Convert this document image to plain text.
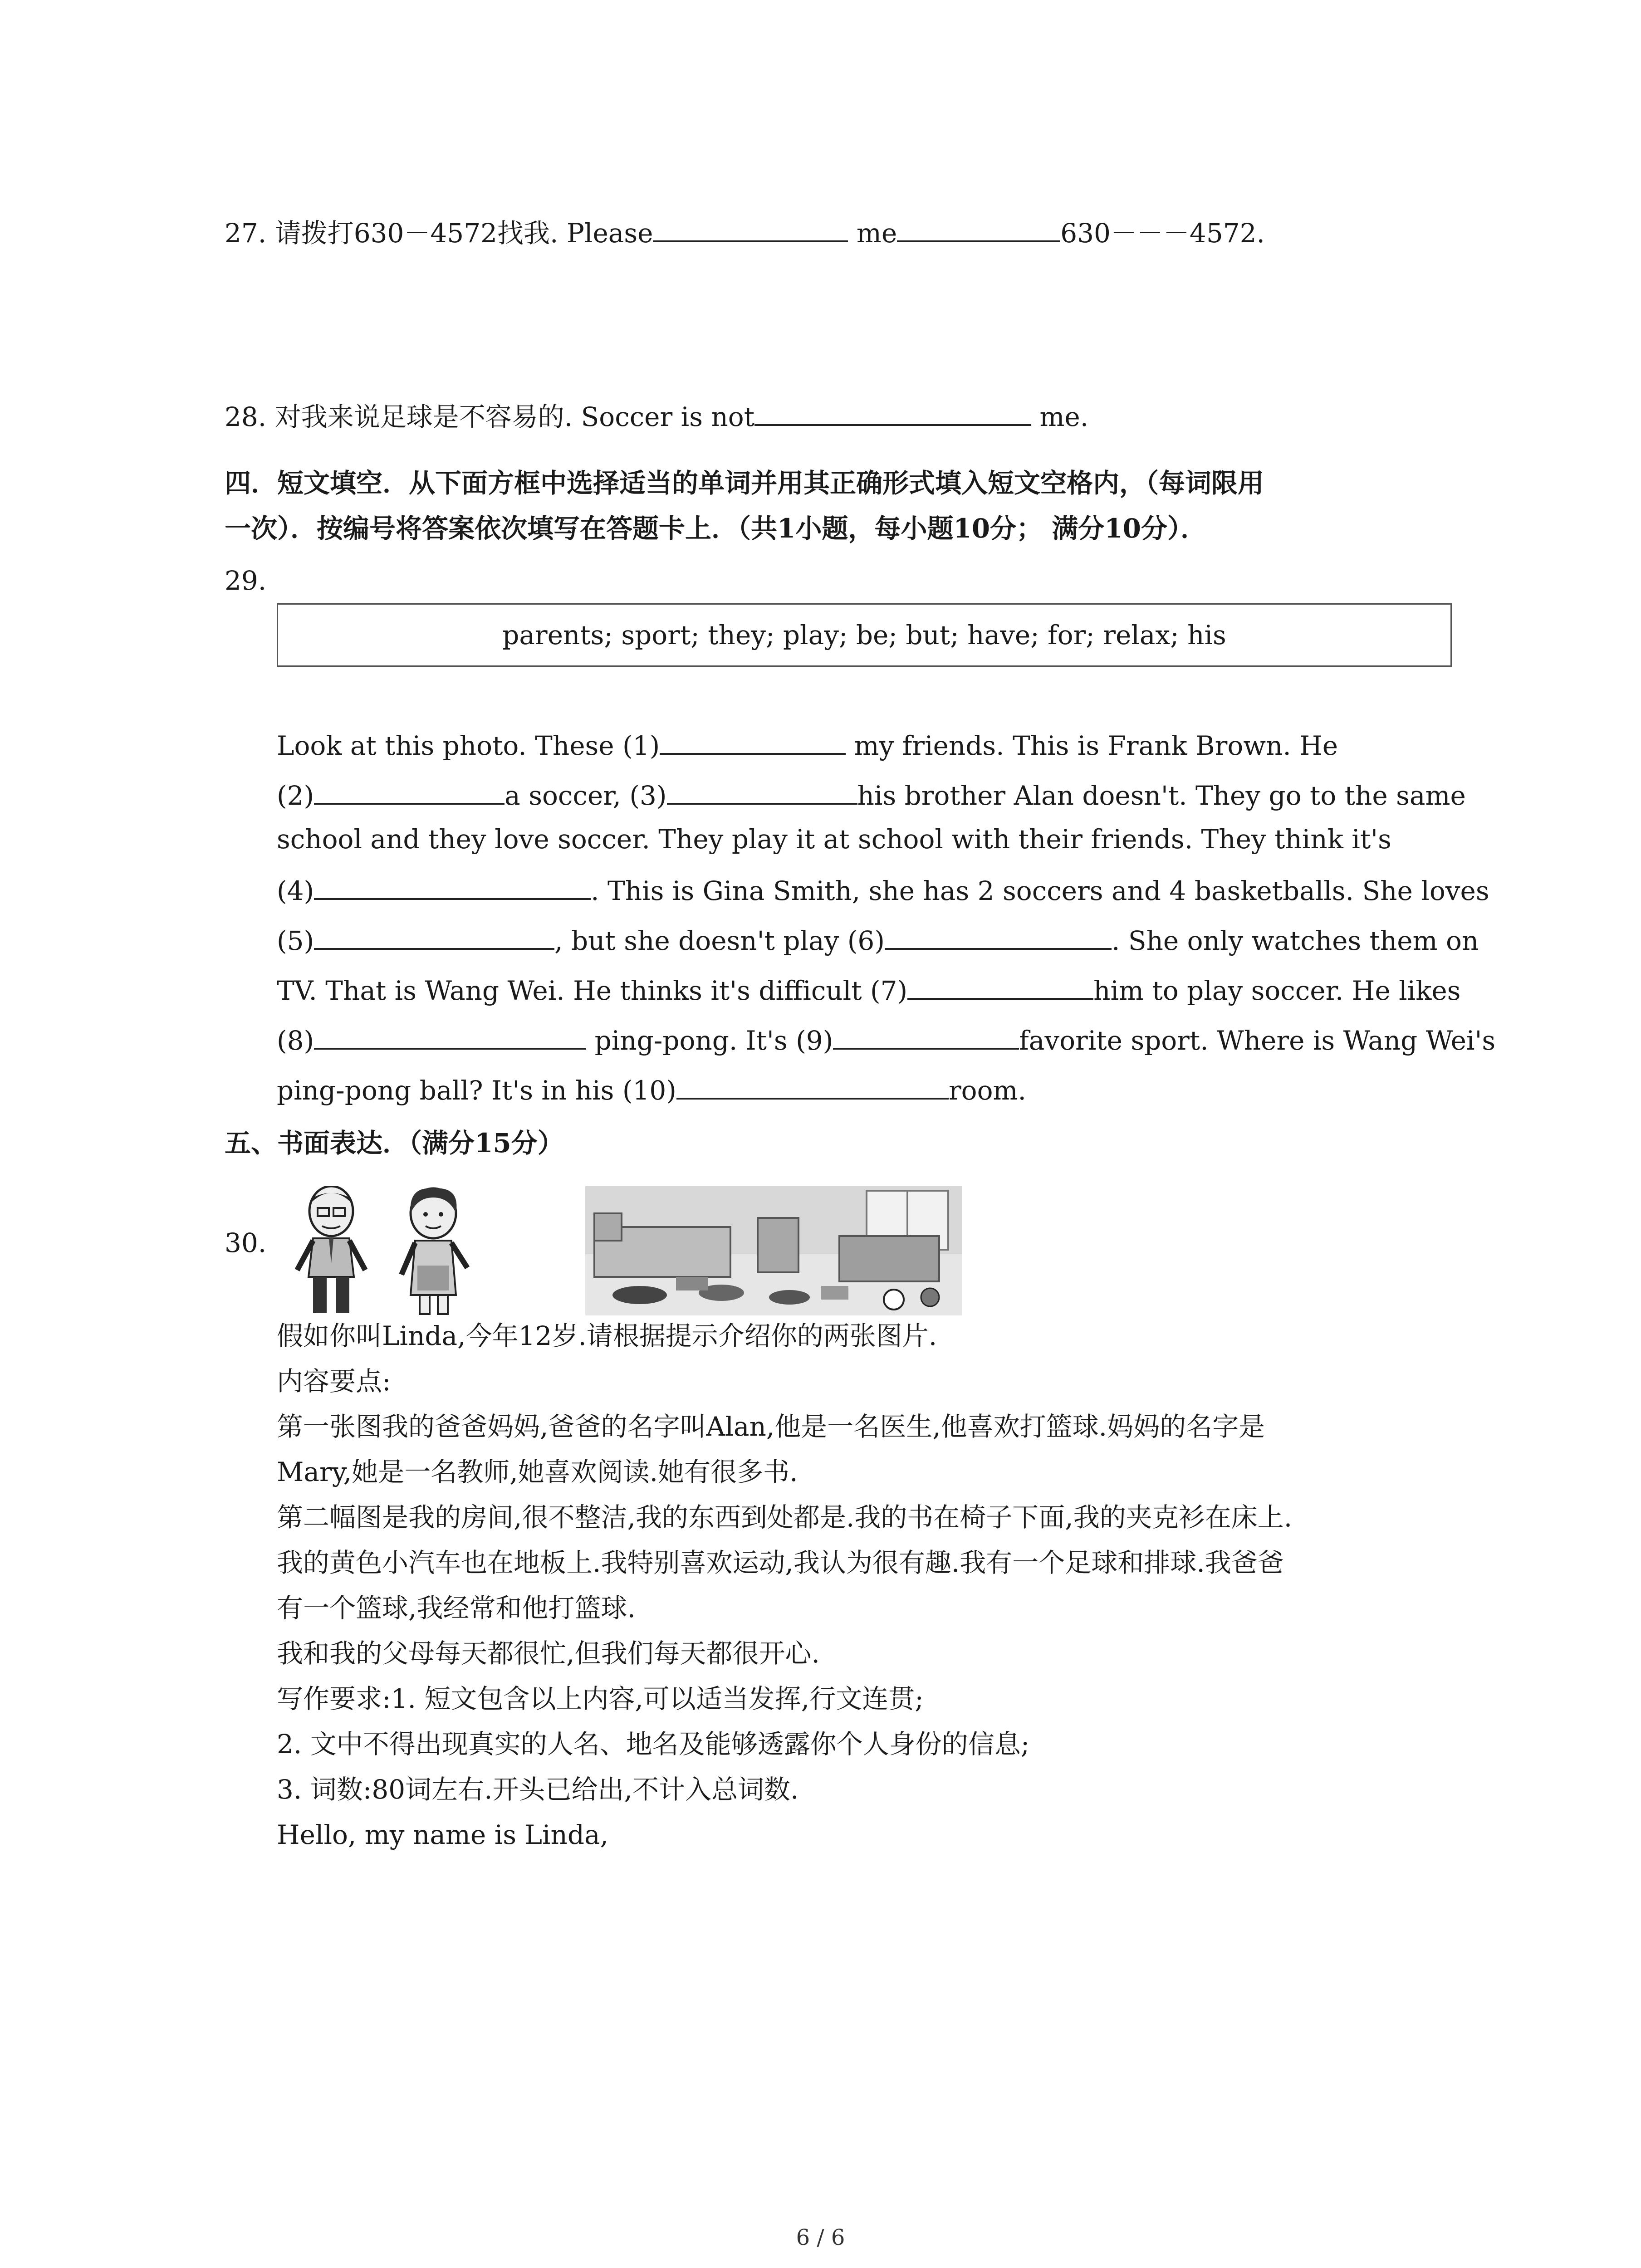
27. 请拨打630－4572找我. Please	me	630－－－4572.
28. 对我来说足球是不容易的. Soccer is not	me.
四．短文填空．从下面方框中选择适当的单词并用其正确形式填入短文空格内，（每词限用
一次）．按编号将答案依次填写在答题卡上．（共1小题，每小题10分； 满分10分）．
29.
parents; sport; they; play; be; but; have; for; relax; his
Look at this photo. These (1)	my friends. This is Frank Brown. He
(2)	a soccer, (3)	his brother Alan doesn't. They go to the same
school and they love soccer. They play it at school with their friends. They think it's
(4)	. This is Gina Smith, she has 2 soccers and 4 basketballs. She loves
(5)	, but she doesn't play (6)	. She only watches them on
TV. That is Wang Wei. He thinks it's difficult (7)	him to play soccer. He likes
(8)	ping-pong. It's (9)	favorite sport. Where is Wang Wei's
ping-pong ball? It's in his (10)	room.
五、书面表达．（满分15分）
30.
假如你叫Linda,今年12岁.请根据提示介绍你的两张图片.
内容要点:
第一张图我的爸爸妈妈,爸爸的名字叫Alan,他是一名医生,他喜欢打篮球.妈妈的名字是
Mary,她是一名教师,她喜欢阅读.她有很多书.
第二幅图是我的房间,很不整洁,我的东西到处都是.我的书在椅子下面,我的夹克衫在床上.
我的黄色小汽车也在地板上.我特别喜欢运动,我认为很有趣.我有一个足球和排球.我爸爸
有一个篮球,我经常和他打篮球.
我和我的父母每天都很忙,但我们每天都很开心.
写作要求:1. 短文包含以上内容,可以适当发挥,行文连贯;
2. 文中不得出现真实的人名、地名及能够透露你个人身份的信息;
3. 词数:80词左右.开头已给出,不计入总词数.
Hello, my name is Linda,
6 / 6
